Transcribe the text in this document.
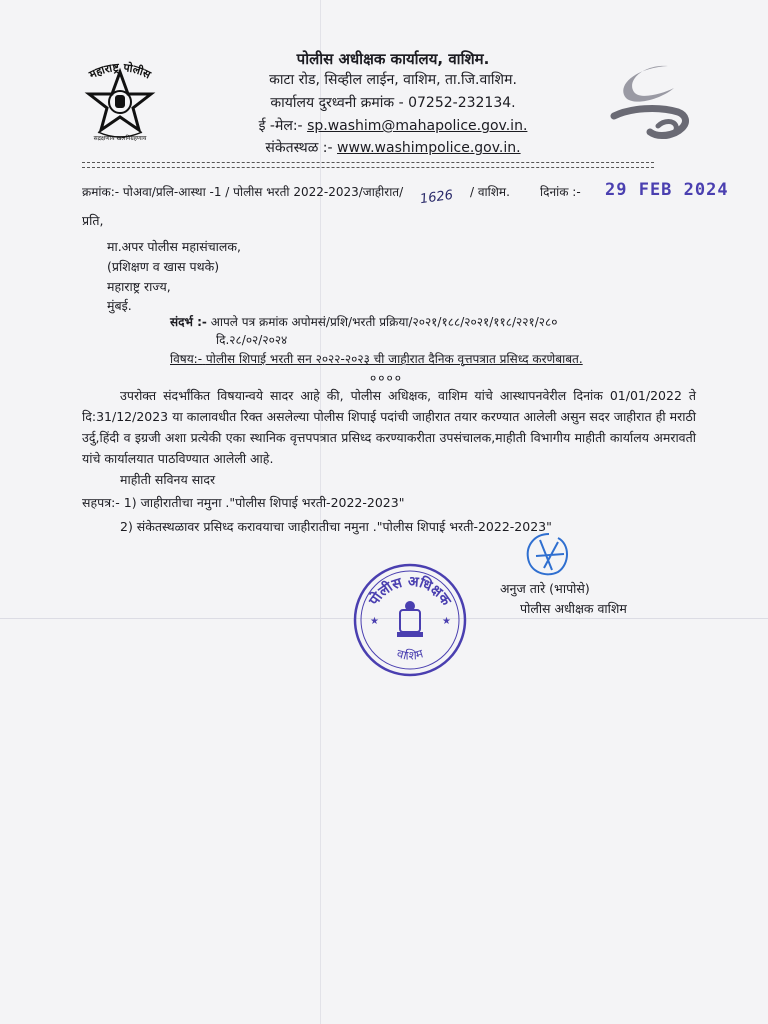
महाराष्ट्र पोलीस
सद्रक्षणाय खलनिग्रहणाय
पोलीस अधीक्षक कार्यालय, वाशिम.
काटा रोड, सिव्हील लाईन, वाशिम, ता.जि.वाशिम.
कार्यालय दुरध्वनी क्रमांक - 07252-232134.
ई -मेल:- sp.washim@mahapolice.gov.in.
संकेतस्थळ :- www.washimpolice.gov.in.
क्रमांक:- पोअवा/प्रलि-आस्था -1 / पोलीस भरती 2022-2023/जाहीरात/ 1626 / वाशिम.	दिनांक :- 29 FEB 2024
प्रति,
मा.अपर पोलीस महासंचालक,
(प्रशिक्षण व खास पथके)
महाराष्ट्र राज्य,
मुंबई.
संदर्भ :- आपले पत्र क्रमांक अपोमसं/प्रशि/भरती प्रक्रिया/२०२१/१८८/२०२१/११८/२२१/२८०
दि.२८/०२/२०२४
विषय:- पोलीस शिपाई भरती सन २०२२-२०२३ ची जाहीरात दैनिक वृत्तपत्रात प्रसिध्द करणेबाबत.
००००
उपरोक्त संदर्भांकित विषयान्वये सादर आहे की, पोलीस अधिक्षक, वाशिम यांचे आस्थापनवेरील दिनांक 01/01/2022 ते दि:31/12/2023 या कालावधीत रिक्त असलेल्या पोलीस शिपाई पदांची जाहीरात तयार करण्यात आलेली असुन सदर जाहीरात ही मराठी उर्दु,हिंदी व इग्रजी अशा प्रत्येकी एका स्थानिक वृत्तपपत्रात प्रसिध्द करण्याकरीता उपसंचालक,माहीती विभागीय माहीती कार्यालय अमरावती यांचे कार्यालयात पाठविण्यात आलेली आहे.
माहीती सविनय सादर
सहपत्र:- 1) जाहीरातीचा नमुना ."पोलीस शिपाई भरती-2022-2023"
2) संकेतस्थळावर प्रसिध्द करावयाचा जाहीरातीचा नमुना ."पोलीस शिपाई भरती-2022-2023"
अनुज तारे (भापोसे)
पोलीस अधीक्षक वाशिम
पोलीस अधिक्षक
वाशिम
★	★
